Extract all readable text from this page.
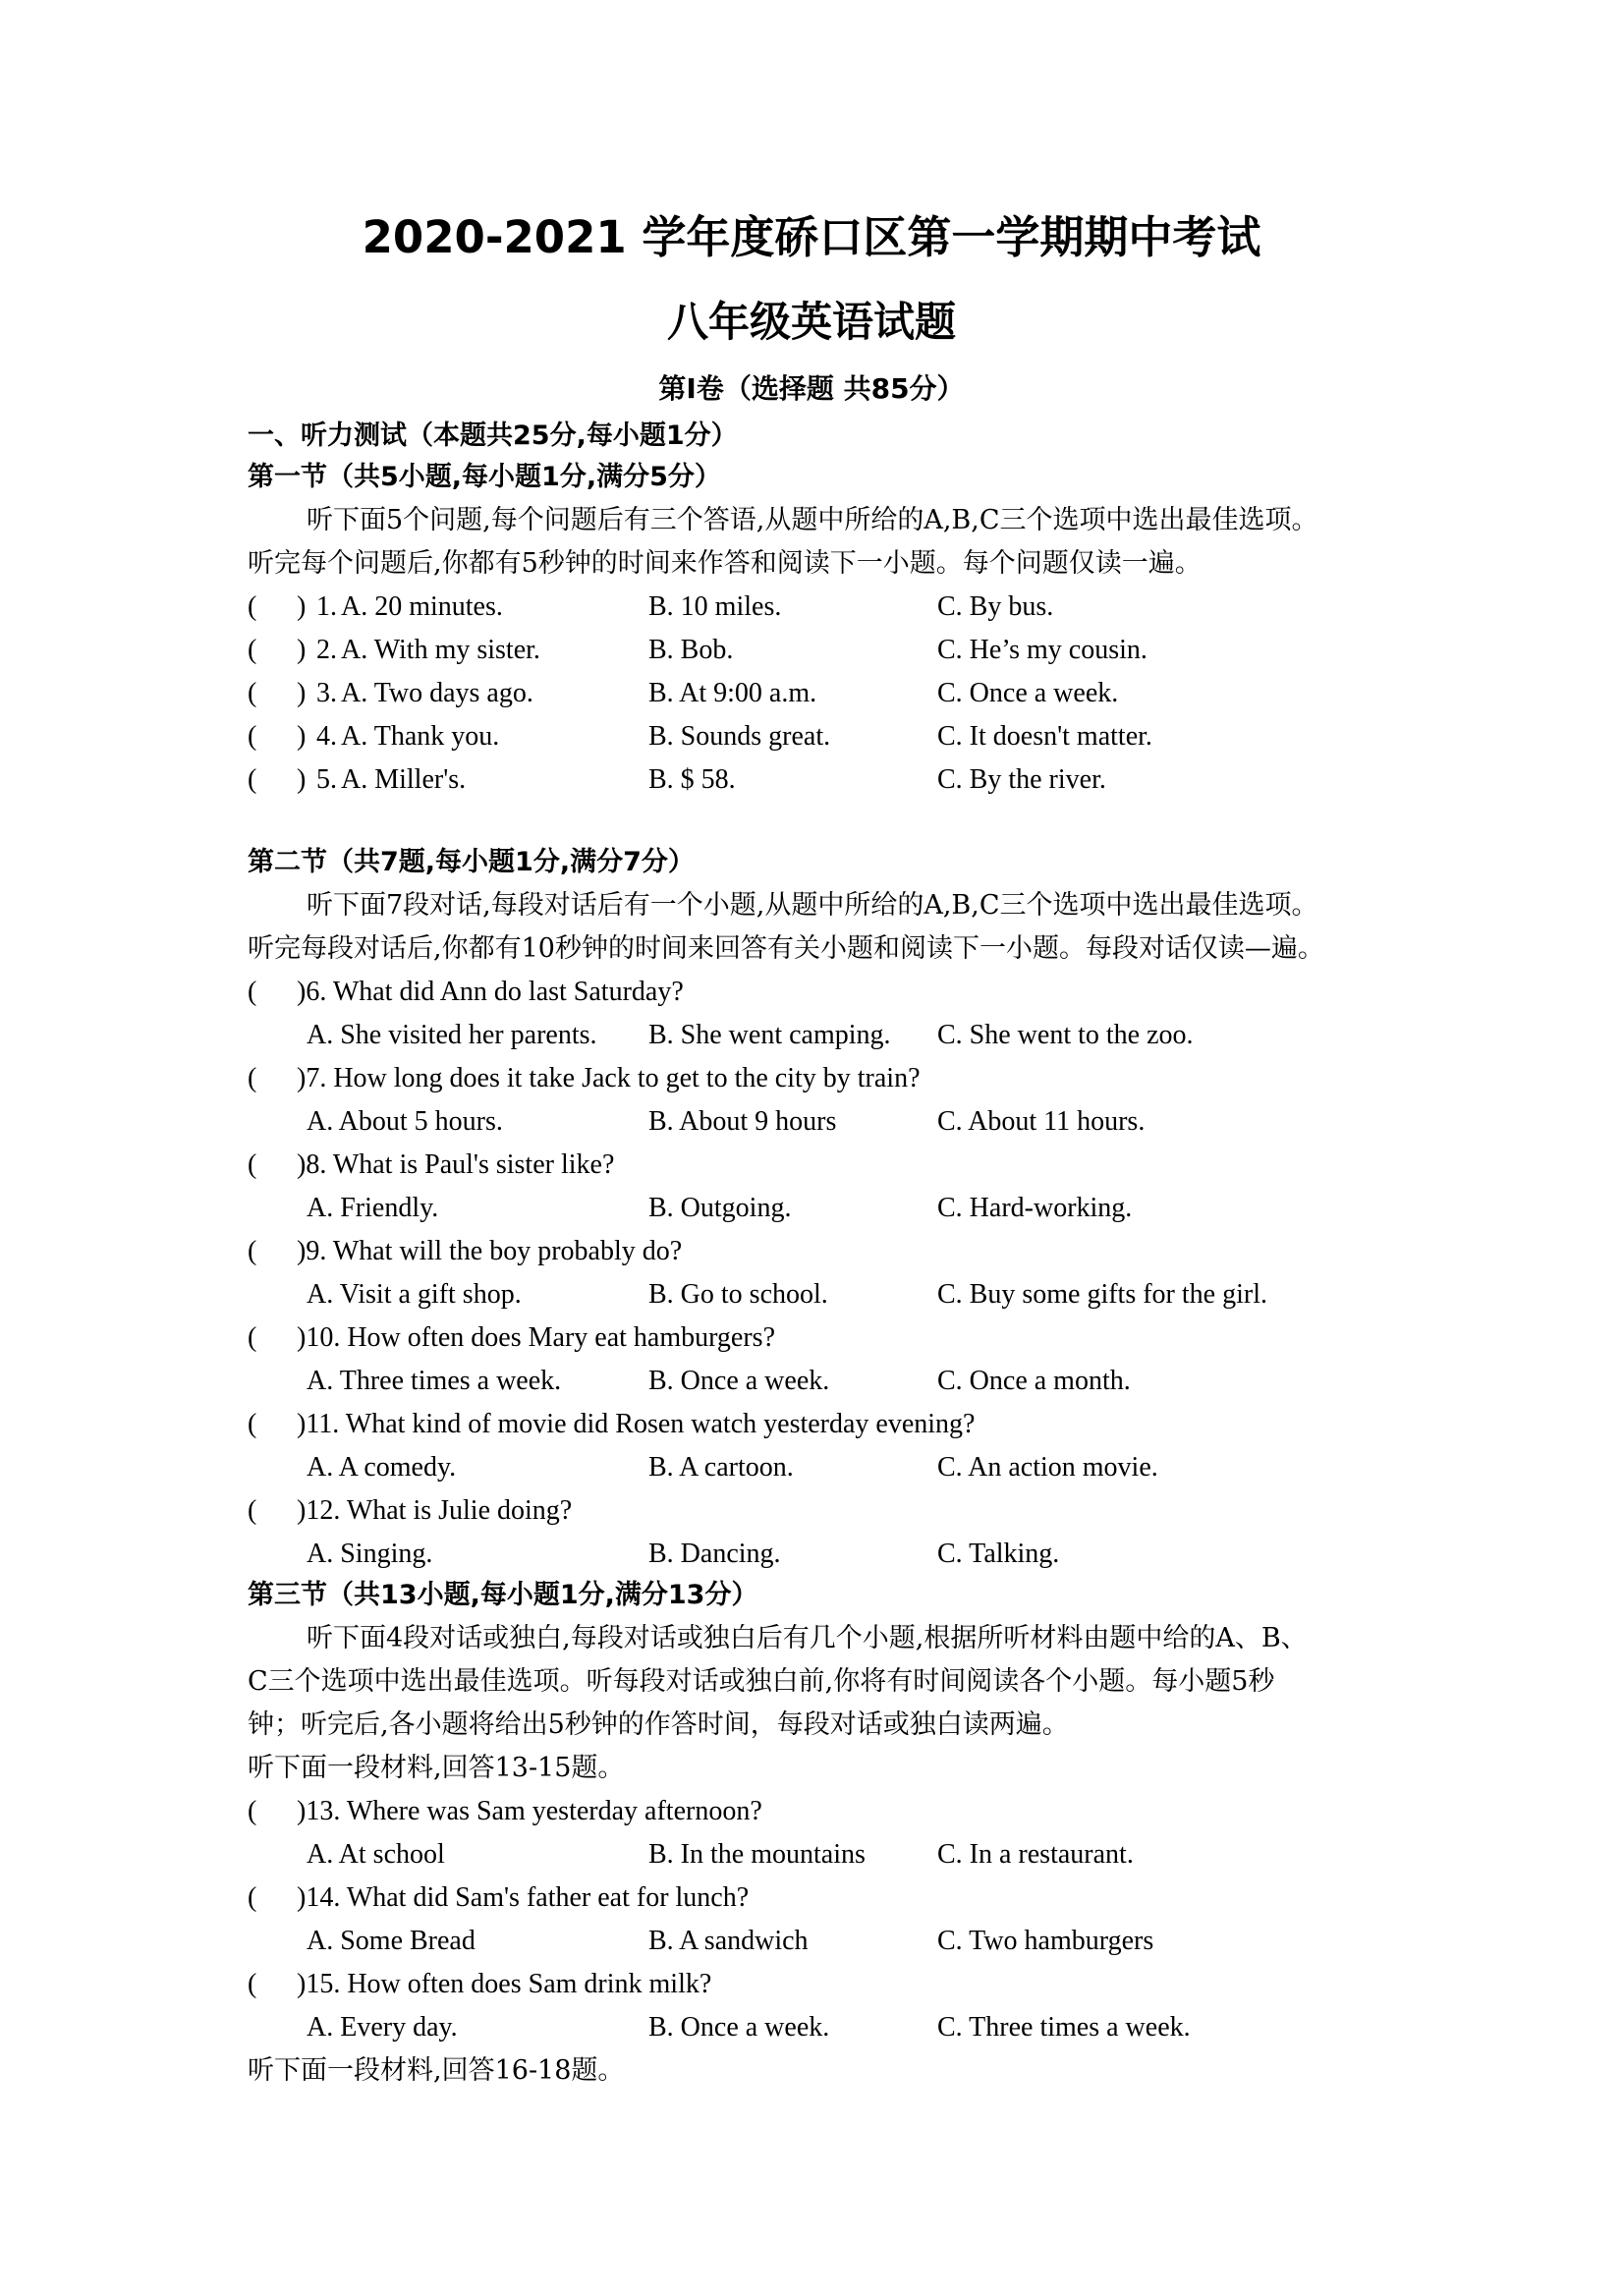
2020-2021 学年度硚口区第一学期期中考试
八年级英语试题
第Ⅰ卷（选择题 共85分）
一、听力测试（本题共25分,每小题1分）
第一节（共5小题,每小题1分,满分5分）
听下面5个问题,每个问题后有三个答语,从题中所给的A,B,C三个选项中选出最佳选项。
听完每个问题后,你都有5秒钟的时间来作答和阅读下一小题。每个问题仅读一遍。
( ) 1. A. 20 minutes.	B. 10 miles.	C. By bus.
( ) 2. A. With my sister.	B. Bob.	C. He’s my cousin.
( ) 3. A. Two days ago.	B. At 9:00 a.m.	C. Once a week.
( ) 4. A. Thank you.	B. Sounds great.	C. It doesn't matter.
( ) 5. A. Miller's.	B. $ 58.	C. By the river.
第二节（共7题,每小题1分,满分7分）
听下面7段对话,每段对话后有一个小题,从题中所给的A,B,C三个选项中选出最佳选项。
听完每段对话后,你都有10秒钟的时间来回答有关小题和阅读下一小题。每段对话仅读—遍。
( )6. What did Ann do last Saturday?
A. She visited her parents. B. She went camping. C. She went to the zoo.
( )7. How long does it take Jack to get to the city by train?
A. About 5 hours.	B. About 9 hours	C. About 11 hours.
( )8. What is Paul's sister like?
A. Friendly.	B. Outgoing.	C. Hard-working.
( )9. What will the boy probably do?
A. Visit a gift shop.	B. Go to school.	C. Buy some gifts for the girl.
( )10. How often does Mary eat hamburgers?
A. Three times a week.	B. Once a week.	C. Once a month.
( )11. What kind of movie did Rosen watch yesterday evening?
A. A comedy.	B. A cartoon.	C. An action movie.
( )12. What is Julie doing?
A. Singing.	B. Dancing.	C. Talking.
第三节（共13小题,每小题1分,满分13分）
听下面4段对话或独白,每段对话或独白后有几个小题,根据所听材料由题中给的A、B、
C三个选项中选出最佳选项。听每段对话或独白前,你将有时间阅读各个小题。每小题5秒
钟；听完后,各小题将给出5秒钟的作答时间，每段对话或独白读两遍。
听下面一段材料,回答13-15题。
( )13. Where was Sam yesterday afternoon?
A. At school	B. In the mountains	C. In a restaurant.
( )14. What did Sam's father eat for lunch?
A. Some Bread	B. A sandwich	C. Two hamburgers
( )15. How often does Sam drink milk?
A. Every day.	B. Once a week.	C. Three times a week.
听下面一段材料,回答16-18题。
